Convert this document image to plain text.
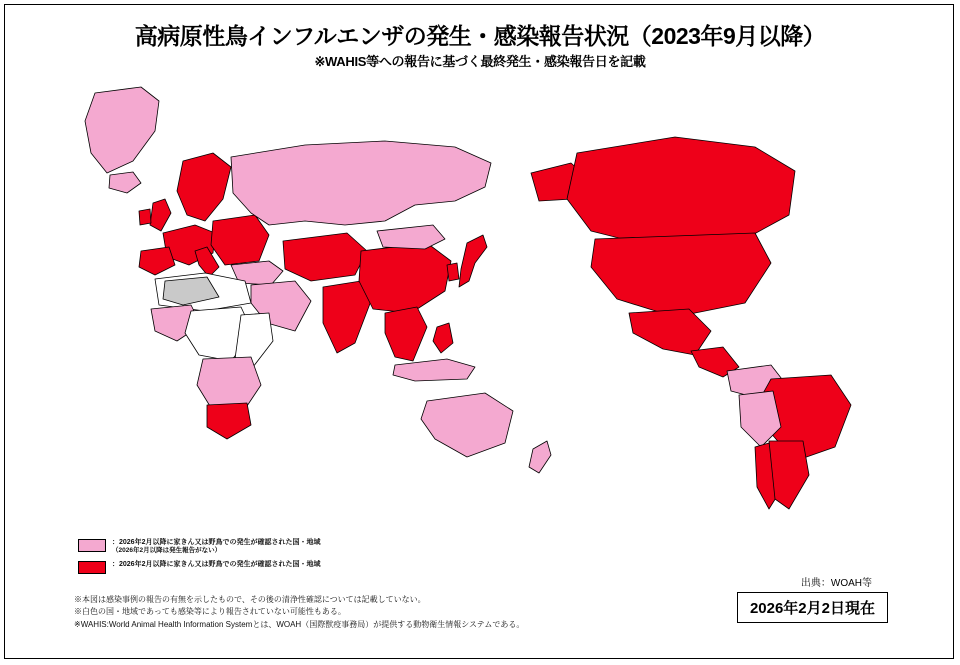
高病原性鳥インフルエンザの発生・感染報告状況（2023年9月以降）
※WAHIS等への報告に基づく最終発生・感染報告日を記載
：2026年2月以降に家きん又は野鳥での発生が確認された国・地域
（2026年2月以降は発生報告がない）
：2026年2月以降に家きん又は野鳥での発生が確認された国・地域
※本図は感染事例の報告の有無を示したもので、その後の清浄性確認については記載していない。
※白色の国・地域であっても感染等により報告されていない可能性もある。
※WAHIS:World Animal Health Information Systemとは、WOAH（国際獣疫事務局）が提供する動物衛生情報システムである。
出典：WOAH等
2026年2月2日現在
